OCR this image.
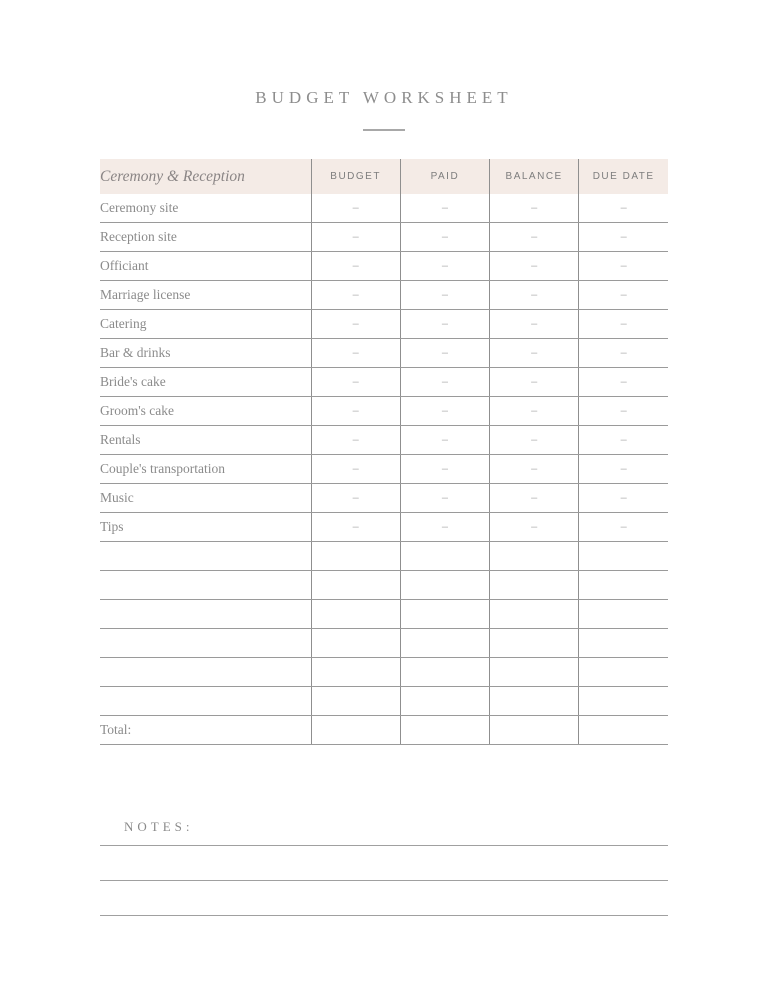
BUDGET WORKSHEET
Ceremony & Reception	BUDGET	PAID	BALANCE	DUE DATE
Ceremony site	–	–	–	–
Reception site	–	–	–	–
Officiant	–	–	–	–
Marriage license	–	–	–	–
Catering	–	–	–	–
Bar & drinks	–	–	–	–
Bride's cake	–	–	–	–
Groom's cake	–	–	–	–
Rentals	–	–	–	–
Couple's transportation	–	–	–	–
Music	–	–	–	–
Tips	–	–	–	–

Total:				
NOTES:
